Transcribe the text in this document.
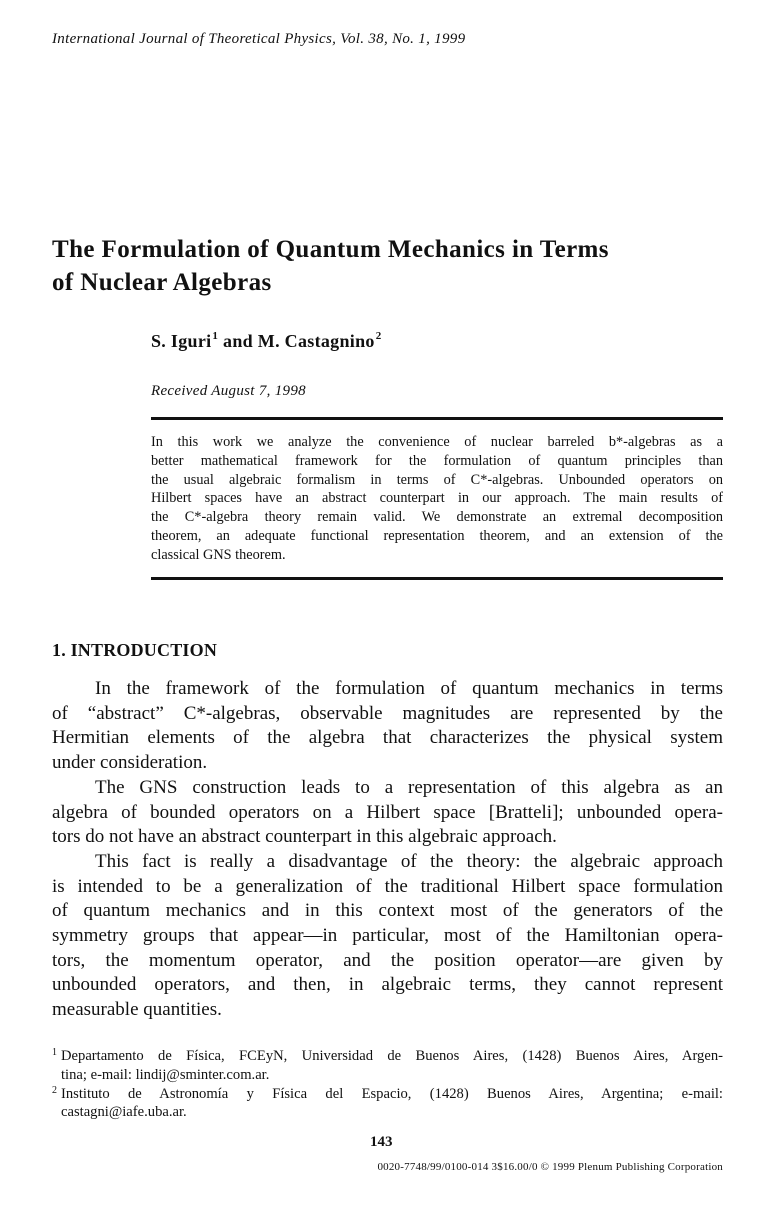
International Journal of Theoretical Physics, Vol. 38, No. 1, 1999
The Formulation of Quantum Mechanics in Terms
of Nuclear Algebras
S. Iguri$^1$ and M. Castagnino$^2$
Received August 7, 1998
In this work we analyze the convenience of nuclear barreled b*-algebras as a
better mathematical framework for the formulation of quantum principles than
the usual algebraic formalism in terms of C*-algebras. Unbounded operators on
Hilbert spaces have an abstract counterpart in our approach. The main results of
the C*-algebra theory remain valid. We demonstrate an extremal decomposition
theorem, an adequate functional representation theorem, and an extension of the
classical GNS theorem.
1. INTRODUCTION
In the framework of the formulation of quantum mechanics in terms
of “abstract” C*-algebras, observable magnitudes are represented by the
Hermitian elements of the algebra that characterizes the physical system
under consideration.
The GNS construction leads to a representation of this algebra as an
algebra of bounded operators on a Hilbert space [Bratteli]; unbounded opera-
tors do not have an abstract counterpart in this algebraic approach.
This fact is really a disadvantage of the theory: the algebraic approach
is intended to be a generalization of the traditional Hilbert space formulation
of quantum mechanics and in this context most of the generators of the
symmetry groups that appear—in particular, most of the Hamiltonian opera-
tors, the momentum operator, and the position operator—are given by
unbounded operators, and then, in algebraic terms, they cannot represent
measurable quantities.
1 Departamento de Física, FCEyN, Universidad de Buenos Aires, (1428) Buenos Aires, Argen-
tina; e-mail: lindij@sminter.com.ar.
2 Instituto de Astronomía y Física del Espacio, (1428) Buenos Aires, Argentina; e-mail:
castagni@iafe.uba.ar.
143
0020-7748/99/0100-014 3$16.00/0 © 1999 Plenum Publishing Corporation
